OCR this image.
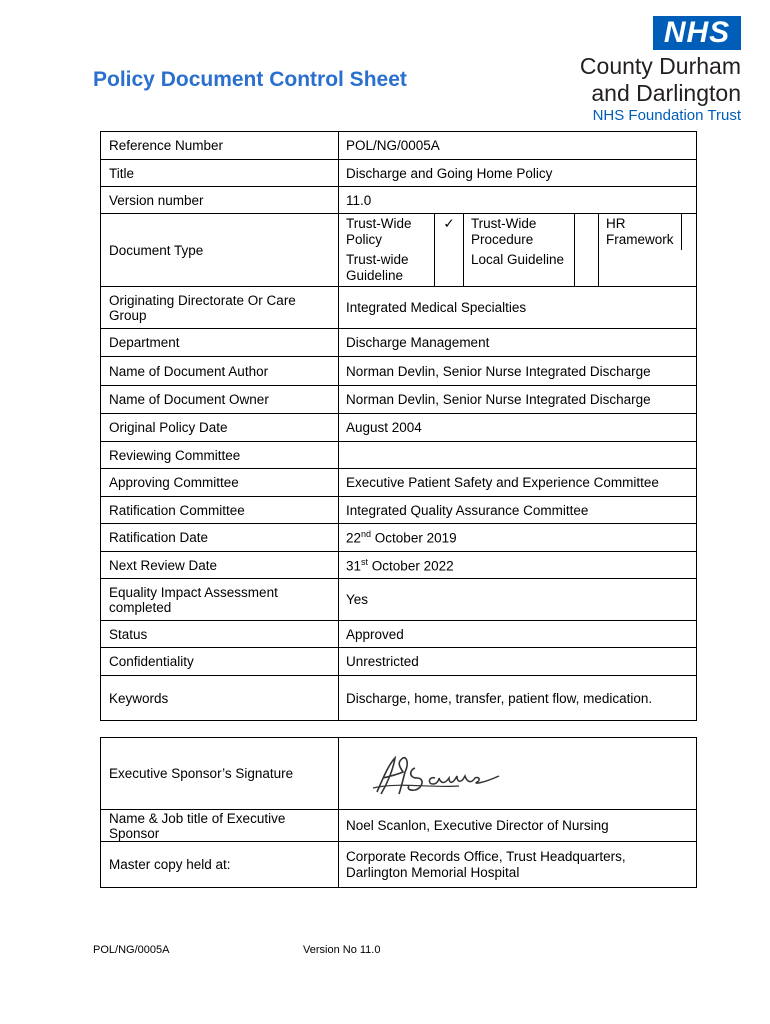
Policy Document Control Sheet
NHS
County Durham
and Darlington
NHS Foundation Trust
Reference Number	POL/NG/0005A
Title	Discharge and Going Home Policy
Version number	11.0
Document Type	
Trust-Wide Policy	✓	Trust-Wide Procedure		HR Framework	
Trust-wide Guideline		Local Guideline			

Originating Directorate Or Care Group	Integrated Medical Specialties
Department	Discharge Management
Name of Document Author	Norman Devlin, Senior Nurse Integrated Discharge
Name of Document Owner	Norman Devlin, Senior Nurse Integrated Discharge
Original Policy Date	August 2004
Reviewing Committee	
Approving Committee	Executive Patient Safety and Experience Committee
Ratification Committee	Integrated Quality Assurance Committee
Ratification Date	22nd October 2019
Next Review Date	31st October 2022
Equality Impact Assessment completed	Yes
Status	Approved
Confidentiality	Unrestricted
Keywords	Discharge, home, transfer, patient flow, medication.
Executive Sponsor’s Signature	

Name & Job title of Executive Sponsor	Noel Scanlon, Executive Director of Nursing
Master copy held at:	Corporate Records Office, Trust Headquarters, Darlington Memorial Hospital
POL/NG/0005A	Version No 11.0
